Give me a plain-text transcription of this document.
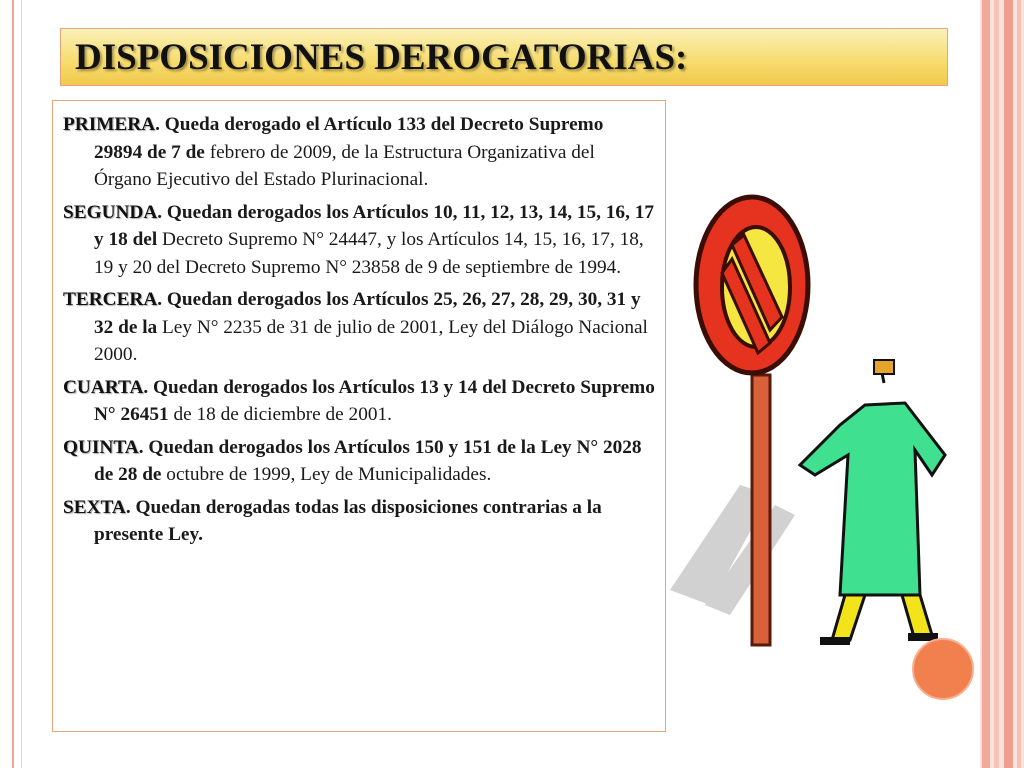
DISPOSICIONES DEROGATORIAS:

PRIMERA. Queda derogado el Artículo 133 del Decreto Supremo 29894 de 7 de febrero de 2009, de la Estructura Organizativa del Órgano Ejecutivo del Estado Plurinacional.

SEGUNDA. Quedan derogados los Artículos 10, 11, 12, 13, 14, 15, 16, 17 y 18 del Decreto Supremo N° 24447, y los Artículos 14, 15, 16, 17, 18, 19 y 20 del Decreto Supremo N° 23858 de 9 de septiembre de 1994.

TERCERA. Quedan derogados los Artículos 25, 26, 27, 28, 29, 30, 31 y 32 de la Ley N° 2235 de 31 de julio de 2001, Ley del Diálogo Nacional 2000.

CUARTA. Quedan derogados los Artículos 13 y 14 del Decreto Supremo N° 26451 de 18 de diciembre de 2001.

QUINTA. Quedan derogados los Artículos 150 y 151 de la Ley N° 2028 de 28 de octubre de 1999, Ley de Municipalidades.

SEXTA. Quedan derogadas todas las disposiciones contrarias a la presente Ley.
